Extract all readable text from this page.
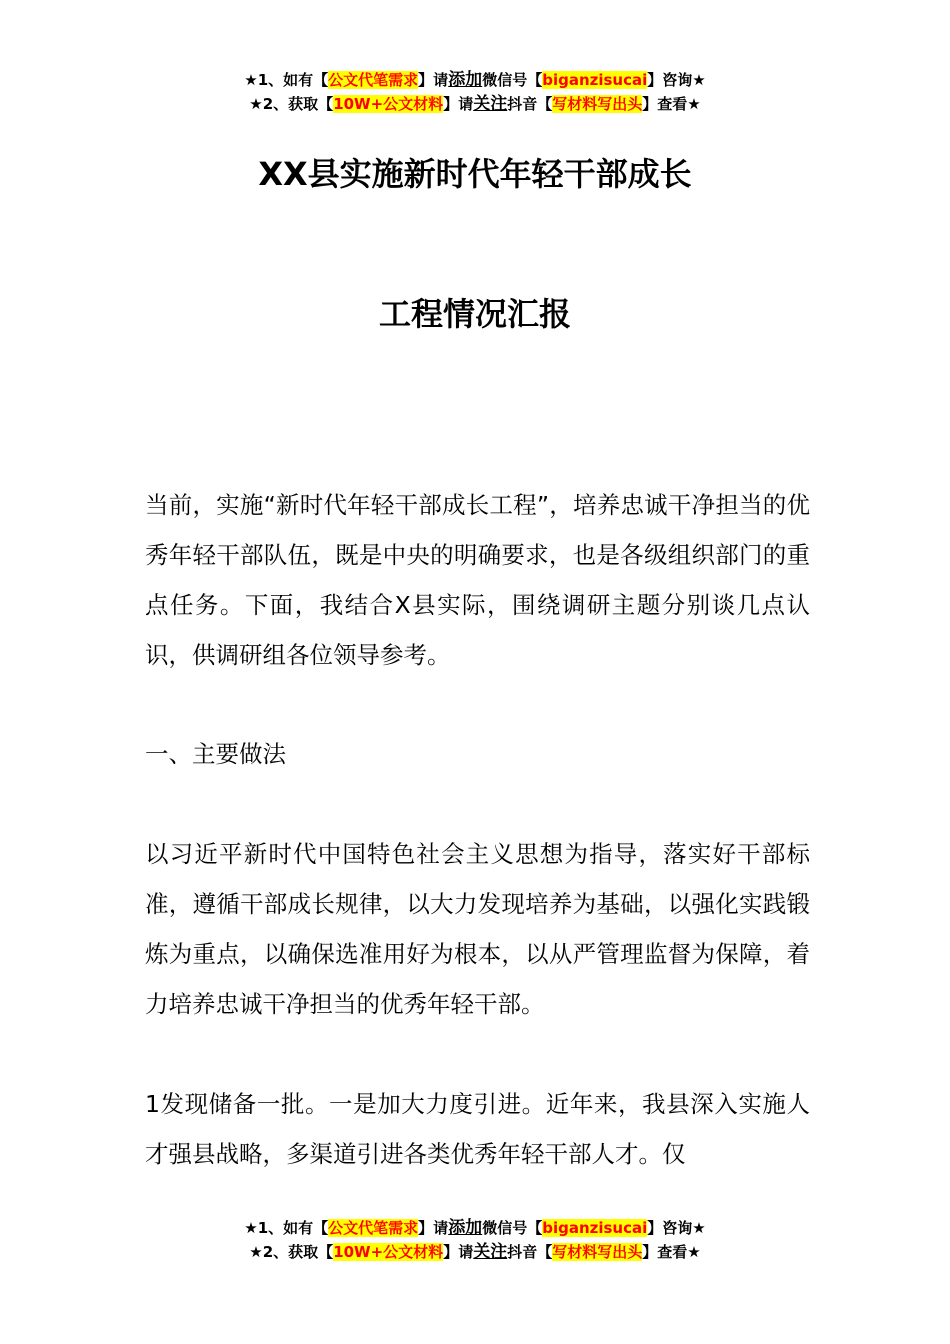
★1、如有【公文代笔需求】请添加微信号【biganzisucai】咨询★
★2、获取【10W+公文材料】请关注抖音【写材料写出头】查看★
XX县实施新时代年轻干部成长
工程情况汇报
当前，实施“新时代年轻干部成长工程”，培养忠诚干净担当的优秀年轻干部队伍，既是中央的明确要求，也是各级组织部门的重点任务。下面，我结合X县实际，围绕调研主题分别谈几点认识，供调研组各位领导参考。
一、主要做法
以习近平新时代中国特色社会主义思想为指导，落实好干部标准，遵循干部成长规律，以大力发现培养为基础，以强化实践锻炼为重点，以确保选准用好为根本，以从严管理监督为保障，着力培养忠诚干净担当的优秀年轻干部。
1发现储备一批。一是加大力度引进。近年来，我县深入实施人才强县战略，多渠道引进各类优秀年轻干部人才。仅
★1、如有【公文代笔需求】请添加微信号【biganzisucai】咨询★
★2、获取【10W+公文材料】请关注抖音【写材料写出头】查看★
